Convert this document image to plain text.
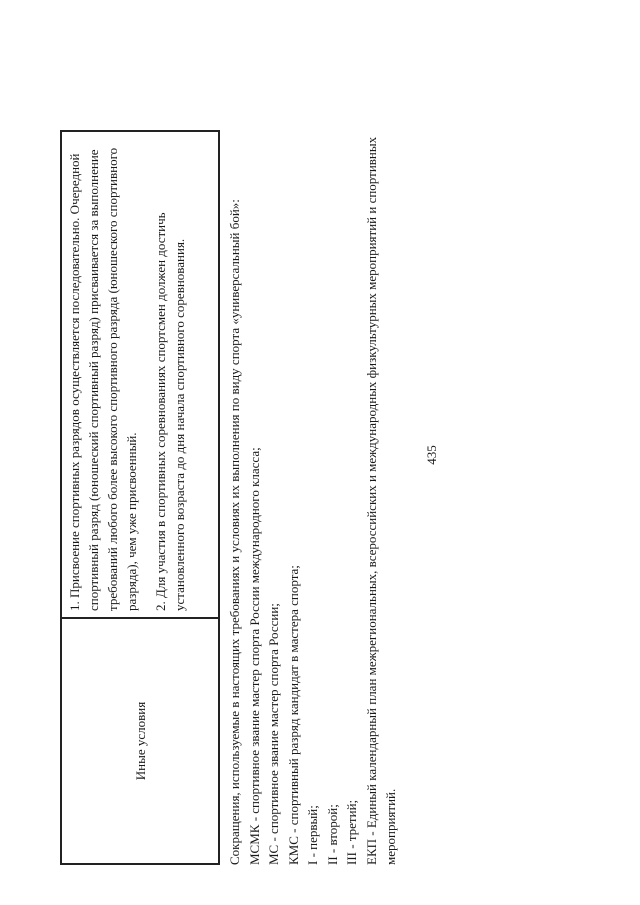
435
Иные условия	

1. Присвоение спортивных разрядов осуществляется последовательно. Очередной спортивный разряд (юношеский спортивный разряд) присваивается за выполнение требований любого более высокого спортивного разряда (юношеского спортивного разряда), чем уже присвоенный. 2. Для участия в спортивных соревнованиях спортсмен должен достичь установленного возраста до дня начала спортивного соревнования.	Сокращения, используемые в настоящих требованиях и условиях их выполнения по виду спорта «универсальный бой»: МСМК - спортивное звание мастер спорта России международного класса; МС - спортивное звание мастер спорта России; КМС - спортивный разряд кандидат в мастера спорта; I - первый; II - второй; III - третий; ЕКП - Единый календарный план межрегиональных, всероссийских и международных физкультурных мероприятий и спортивных мероприятий.
